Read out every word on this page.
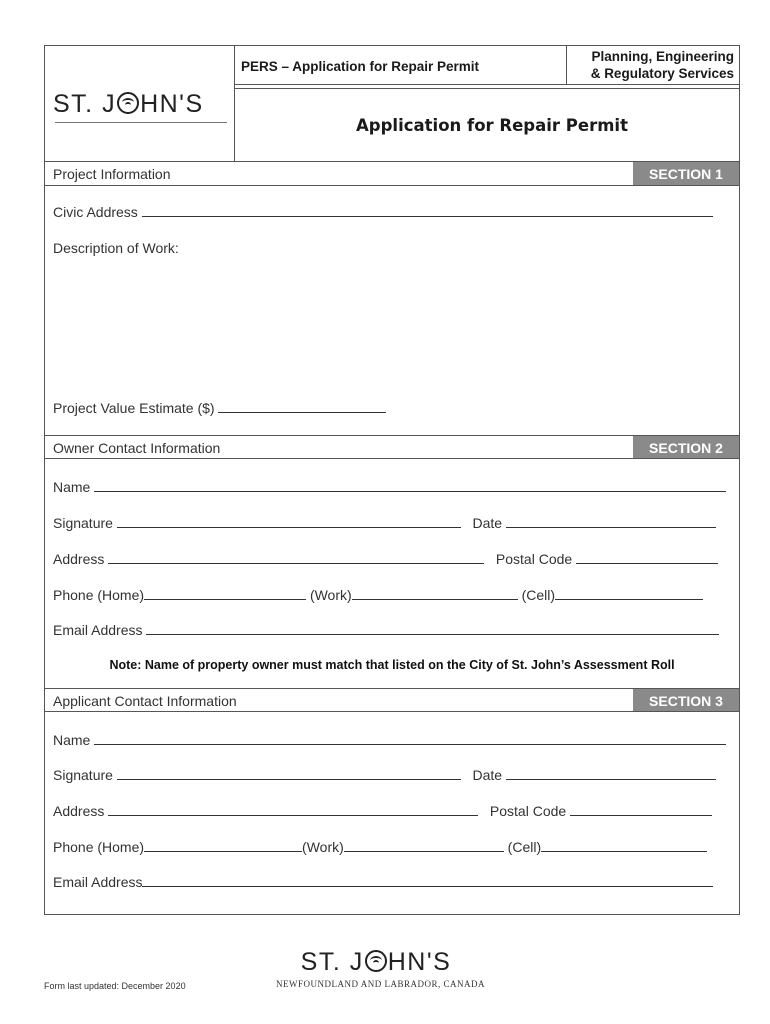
ST. J HN'S
PERS – Application for Repair Permit
Planning, Engineering
& Regulatory Services
Application for Repair Permit
Project Information	SECTION 1
Civic Address
Description of Work:
Project Value Estimate ($)
Owner Contact Information	SECTION 2
Name
Signature	Date
Address	Postal Code
Phone (Home)	(Work)	(Cell)
Email Address
Note: Name of property owner must match that listed on the City of St. John’s Assessment Roll
Applicant Contact Information	SECTION 3
Name
Signature	Date
Address	Postal Code
Phone (Home)	(Work)	(Cell)
Email Address
ST. J HN'S
NEWFOUNDLAND AND LABRADOR, CANADA
Form last updated: December 2020
